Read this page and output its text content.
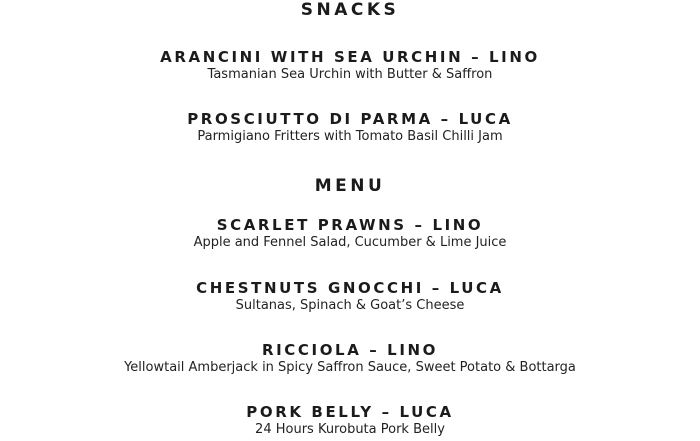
SNACKS
ARANCINI WITH SEA URCHIN – LINO
Tasmanian Sea Urchin with Butter & Saffron
PROSCIUTTO DI PARMA – LUCA
Parmigiano Fritters with Tomato Basil Chilli Jam
MENU
SCARLET PRAWNS – LINO
Apple and Fennel Salad, Cucumber & Lime Juice
CHESTNUTS GNOCCHI – LUCA
Sultanas, Spinach & Goat’s Cheese
RICCIOLA – LINO
Yellowtail Amberjack in Spicy Saffron Sauce, Sweet Potato & Bottarga
PORK BELLY – LUCA
24 Hours Kurobuta Pork Belly
